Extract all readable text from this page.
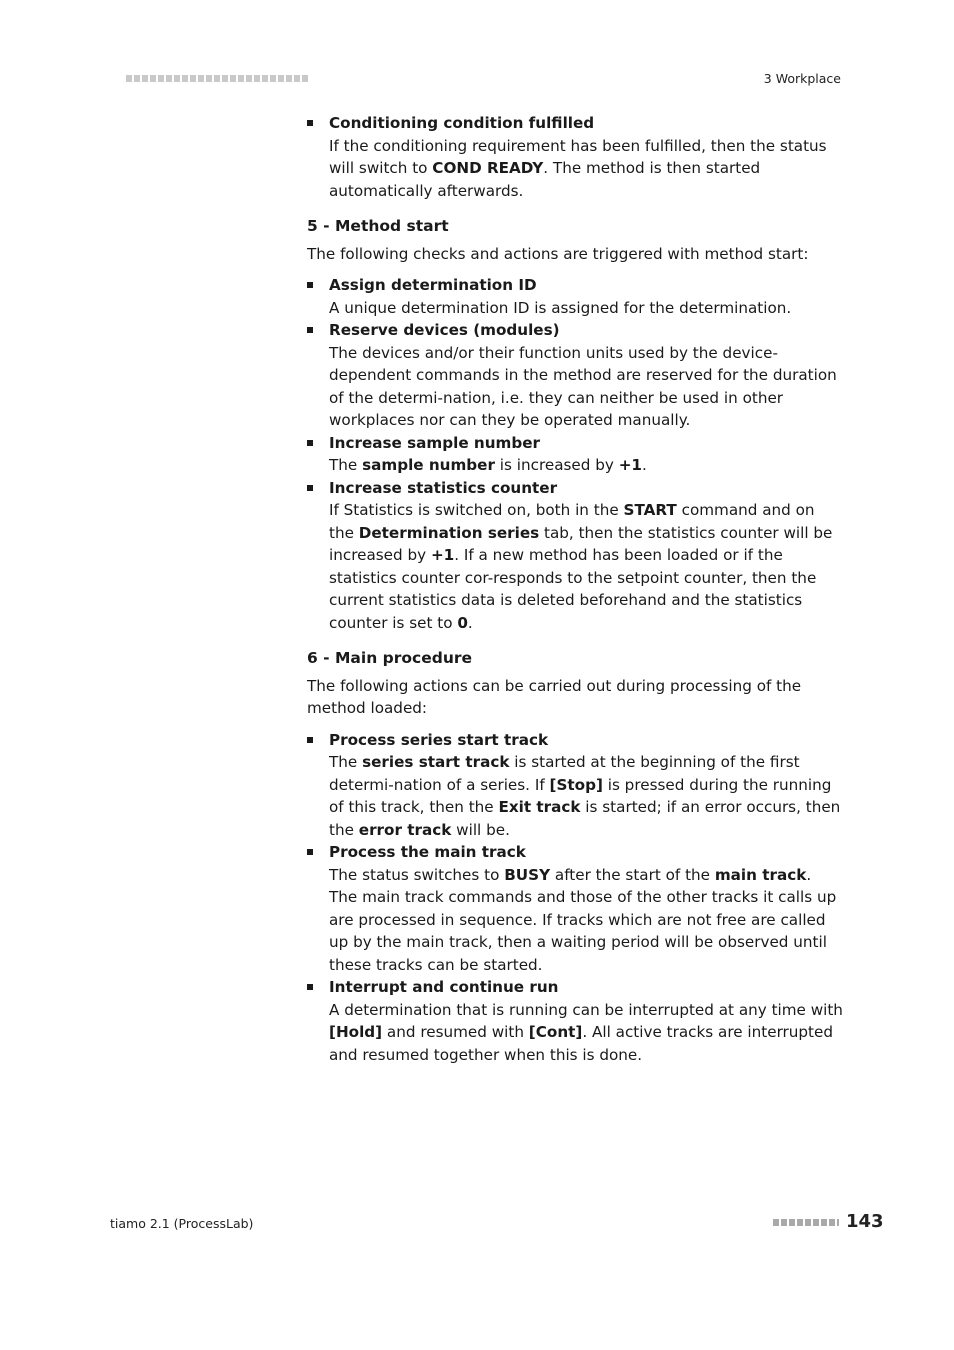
3 Workplace
Conditioning condition fulfilled
If the conditioning requirement has been fulfilled, then the status will switch to COND READY. The method is then started automatically afterwards.
5 - Method start

The following checks and actions are triggered with method start:

Assign determination ID
A unique determination ID is assigned for the determination.
Reserve devices (modules)
The devices and/or their function units used by the device-dependent commands in the method are reserved for the duration of the determi-nation, i.e. they can neither be used in other workplaces nor can they be operated manually.
Increase sample number
The sample number is increased by +1.
Increase statistics counter
If Statistics is switched on, both in the START command and on the Determination series tab, then the statistics counter will be increased by +1. If a new method has been loaded or if the statistics counter cor-responds to the setpoint counter, then the current statistics data is deleted beforehand and the statistics counter is set to 0.
6 - Main procedure

The following actions can be carried out during processing of the method loaded:

Process series start track
The series start track is started at the beginning of the first determi-nation of a series. If [Stop] is pressed during the running of this track, then the Exit track is started; if an error occurs, then the error track will be.
Process the main track
The status switches to BUSY after the start of the main track. The main track commands and those of the other tracks it calls up are processed in sequence. If tracks which are not free are called up by the main track, then a waiting period will be observed until these tracks can be started.
Interrupt and continue run
A determination that is running can be interrupted at any time with [Hold] and resumed with [Cont]. All active tracks are interrupted and resumed together when this is done.
tiamo 2.1 (ProcessLab)	143
